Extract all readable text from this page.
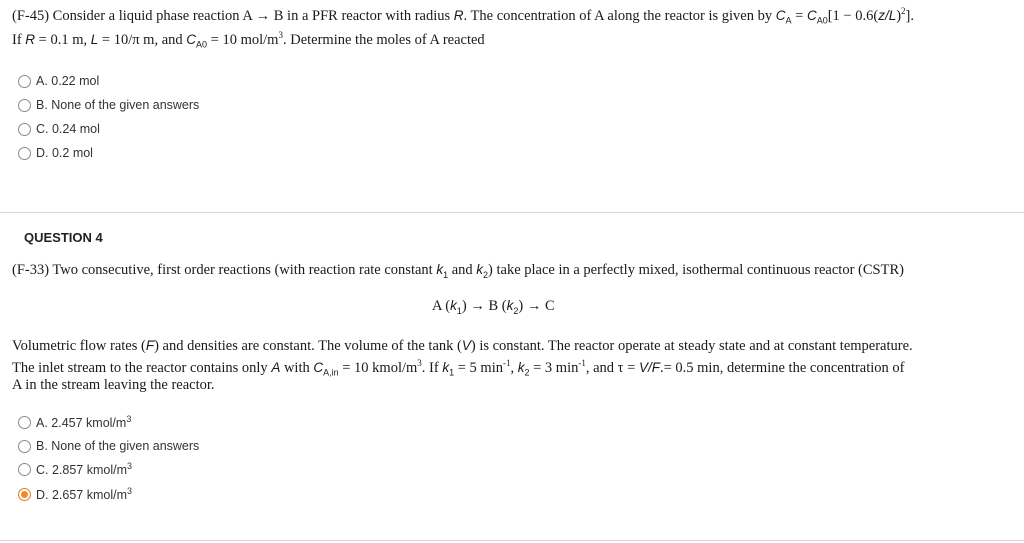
(F-45) Consider a liquid phase reaction A → B in a PFR reactor with radius R. The concentration of A along the reactor is given by $C_A = C_{A0}[1 - 0.6(z/L)^2]$.
If R = 0.1 m, L = 10/π m, and $C_{A0} = 10$ mol/$m^3$. Determine the moles of A reacted
A. 0.22 mol
B. None of the given answers
C. 0.24 mol
D. 0.2 mol
QUESTION 4
(F-33) Two consecutive, first order reactions (with reaction rate constant $k_1$ and $k_2$) take place in a perfectly mixed, isothermal continuous reactor (CSTR)
A $(k_1) \to B$ $(k_2) \to C$
Volumetric flow rates (F) and densities are constant. The volume of the tank (V) is constant. The reactor operate at steady state and at constant temperature.
The inlet stream to the reactor contains only A with $C_{A,in} = 10$ kmol/$m^3$. If $k_1 = 5$ $\min^{-1}$, $k_2 = 3$ $\min^{-1}$, and τ = V/F.= 0.5 min, determine the concentration of
A in the stream leaving the reactor.
A. 2.457 kmol/$m^3$
B. None of the given answers
C. 2.857 kmol/$m^3$
D. 2.657 kmol/$m^3$
